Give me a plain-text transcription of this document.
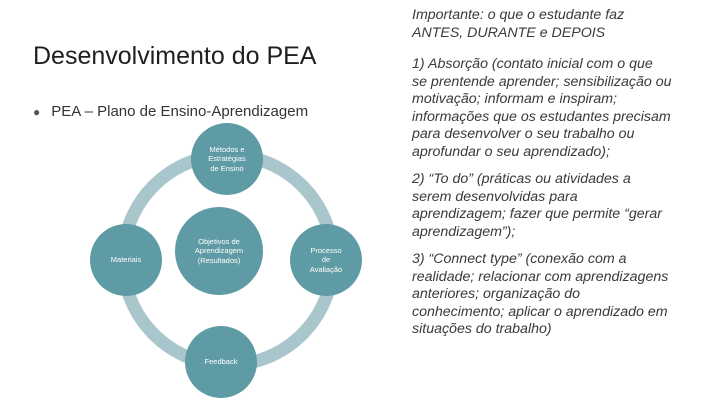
Desenvolvimento do PEA
● PEA – Plano de Ensino-Aprendizagem
Métodos e
Estratégias
de Ensino
Materiais
Objetivos de
Aprendizagem
(Resultados)
Processo
de
Avaliação
Feedback

Importante: o que o estudante faz
ANTES, DURANTE e DEPOIS

1) Absorção (contato inicial com o que
se prentende aprender; sensibilização ou
motivação; informam e inspiram;
informações que os estudantes precisam
para desenvolver o seu trabalho ou
aprofundar o seu aprendizado);

2) “To do” (práticas ou atividades a
serem desenvolvidas para
aprendizagem; fazer que permite “gerar
aprendizagem”);

3) “Connect type” (conexão com a
realidade; relacionar com aprendizagens
anteriores; organização do
conhecimento; aplicar o aprendizado em
situações do trabalho)
